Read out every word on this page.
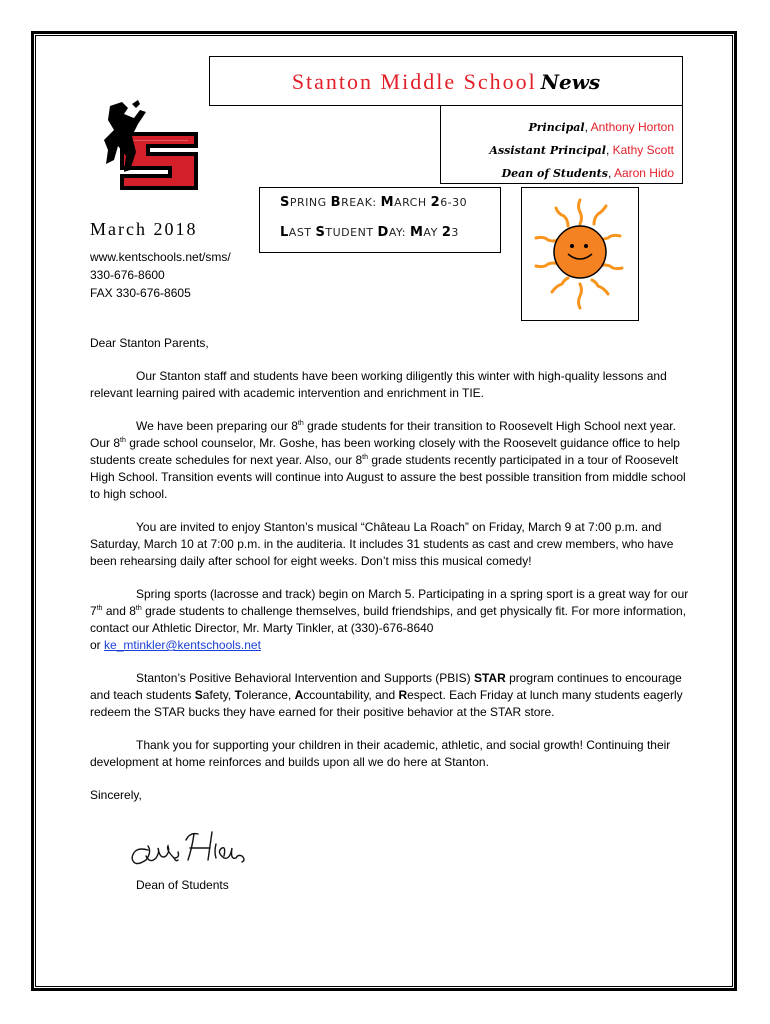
Stanton Middle School News
Principal, Anthony Horton
Assistant Principal, Kathy Scott
Dean of Students, Aaron Hido
March 2018
www.kentschools.net/sms/
330-676-8600
FAX 330-676-8605
SPRING BREAK: MARCH 26-30
LAST STUDENT DAY: MAY 23

Dear Stanton Parents,

Our Stanton staff and students have been working diligently this winter with high-quality lessons and relevant learning paired with academic intervention and enrichment in TIE.

We have been preparing our 8th grade students for their transition to Roosevelt High School next year. Our 8th grade school counselor, Mr. Goshe, has been working closely with the Roosevelt guidance office to help students create schedules for next year. Also, our 8th grade students recently participated in a tour of Roosevelt High School. Transition events will continue into August to assure the best possible transition from middle school to high school.

You are invited to enjoy Stanton’s musical “Château La Roach” on Friday, March 9 at 7:00 p.m. and Saturday, March 10 at 7:00 p.m. in the auditeria. It includes 31 students as cast and crew members, who have been rehearsing daily after school for eight weeks. Don’t miss this musical comedy!

Spring sports (lacrosse and track) begin on March 5. Participating in a spring sport is a great way for our 7th and 8th grade students to challenge themselves, build friendships, and get physically fit. For more information, contact our Athletic Director, Mr. Marty Tinkler, at (330)-676-8640
or ke_mtinkler@kentschools.net

Stanton’s Positive Behavioral Intervention and Supports (PBIS) STAR program continues to encourage and teach students Safety, Tolerance, Accountability, and Respect. Each Friday at lunch many students eagerly redeem the STAR bucks they have earned for their positive behavior at the STAR store.

Thank you for supporting your children in their academic, athletic, and social growth! Continuing their development at home reinforces and builds upon all we do here at Stanton.

Sincerely,

Dean of Students
